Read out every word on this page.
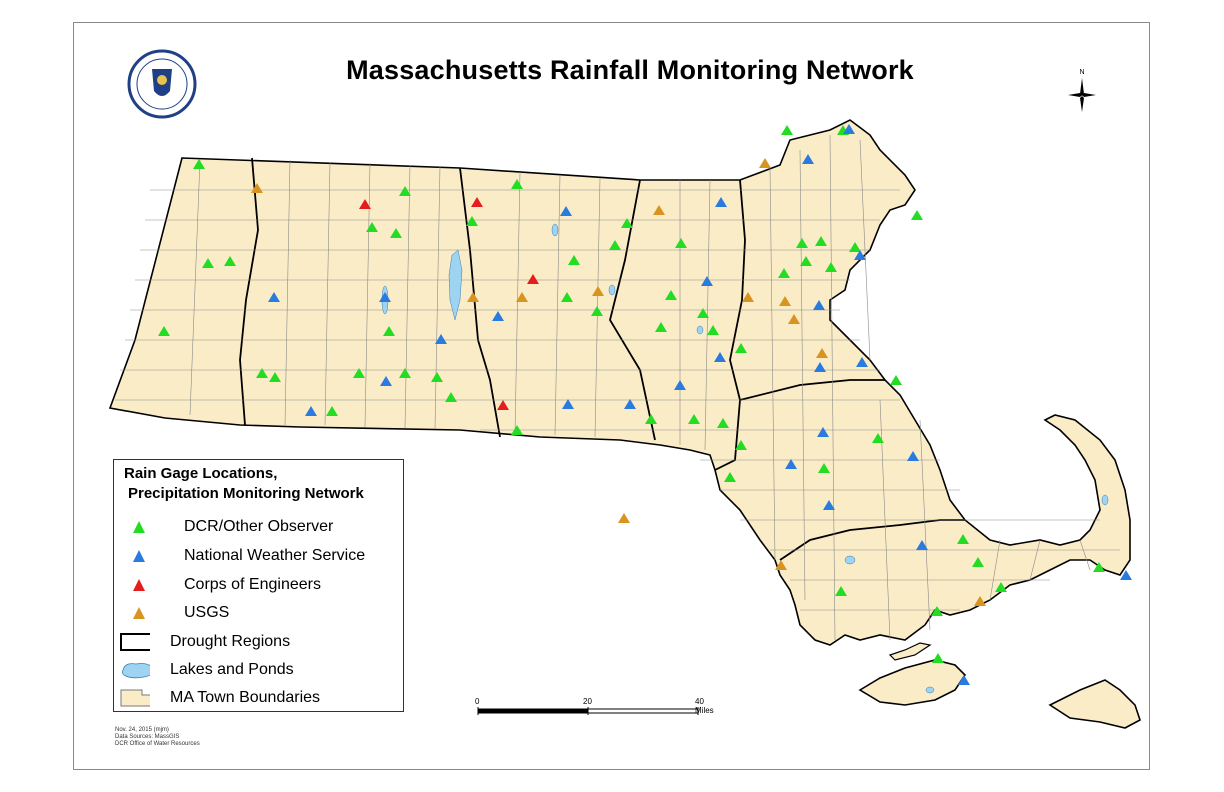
Massachusetts Rainfall Monitoring Network	N
Rain Gage Locations,
Precipitation Monitoring Network
DCR/Other Observer
National Weather Service
Corps of Engineers
USGS
Drought Regions
Lakes and Ponds
MA Town Boundaries	0	20	40 Miles
Nov. 24, 2015 (mjm)
Data Sources: MassGIS
DCR Office of Water Resources
